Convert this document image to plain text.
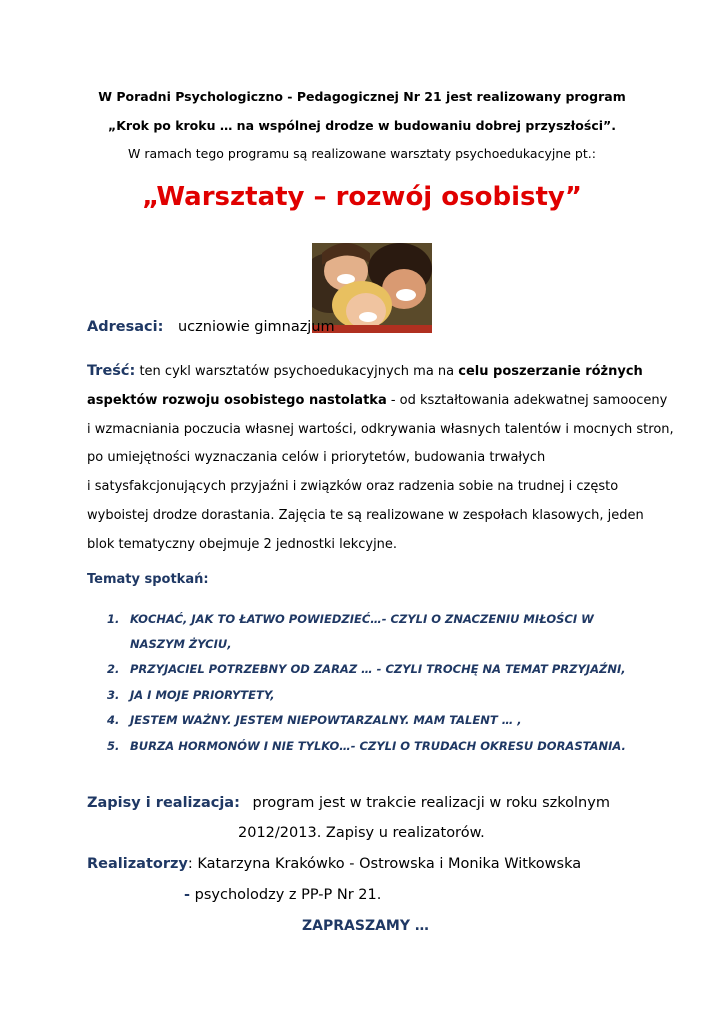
W Poradni Psychologiczno - Pedagogicznej Nr 21 jest realizowany program
„Krok po kroku … na wspólnej drodze w budowaniu dobrej przyszłości”.
W ramach tego programu są realizowane warsztaty psychoedukacyjne pt.:
„Warsztaty – rozwój osobisty”
Adresaci: uczniowie gimnazjum
Treść: ten cykl warsztatów psychoedukacyjnych ma na celu poszerzanie różnych
aspektów rozwoju osobistego nastolatka - od kształtowania adekwatnej samooceny
i wzmacniania poczucia własnej wartości, odkrywania własnych talentów i mocnych stron,
po umiejętności wyznaczania celów i priorytetów, budowania trwałych
i satysfakcjonujących przyjaźni i związków oraz radzenia sobie na trudnej i często
wyboistej drodze dorastania. Zajęcia te są realizowane w zespołach klasowych, jeden
blok tematyczny obejmuje 2 jednostki lekcyjne.
Tematy spotkań:
1. KOCHAĆ, JAK TO ŁATWO POWIEDZIEĆ…- CZYLI O ZNACZENIU MIŁOŚCI W
NASZYM ŻYCIU,
2. PRZYJACIEL POTRZEBNY OD ZARAZ … - CZYLI TROCHĘ NA TEMAT PRZYJAŹNI,
3. JA I MOJE PRIORYTETY,
4. JESTEM WAŻNY. JESTEM NIEPOWTARZALNY. MAM TALENT … ,
5. BURZA HORMONÓW I NIE TYLKO…- CZYLI O TRUDACH OKRESU DORASTANIA.
Zapisy i realizacja: program jest w trakcie realizacji w roku szkolnym
2012/2013. Zapisy u realizatorów.
Realizatorzy: Katarzyna Krakówko - Ostrowska i Monika Witkowska
- psycholodzy z PP-P Nr 21.
ZAPRASZAMY …
